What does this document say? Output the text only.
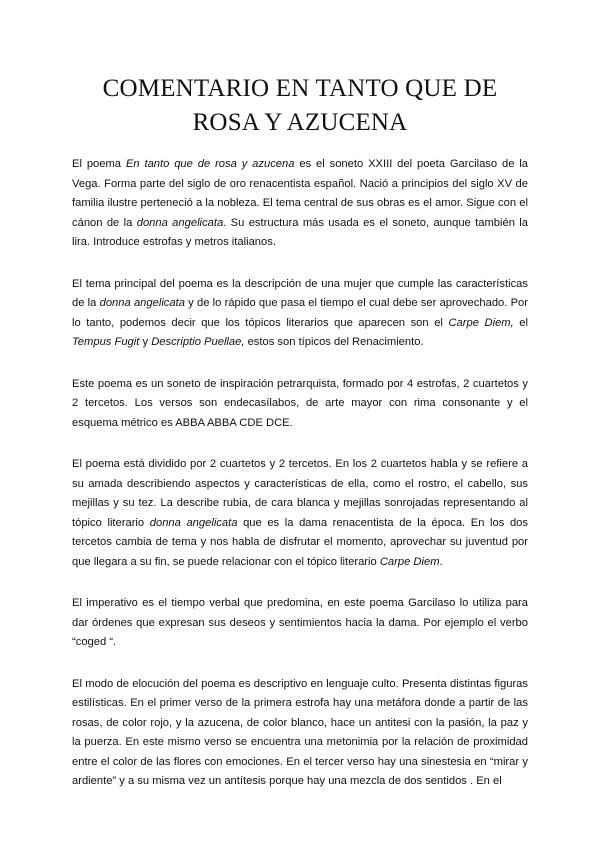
COMENTARIO EN TANTO QUE DE
ROSA Y AZUCENA

El poema En tanto que de rosa y azucena es el soneto XXIII del poeta Garcilaso de la Vega. Forma parte del siglo de oro renacentista español. Nació a principios del siglo XV de familia ilustre perteneció a la nobleza. El tema central de sus obras es el amor. Sigue con el cánon de la donna angelicata. Su estructura más usada es el soneto, aunque también la lira. Introduce estrofas y metros italianos.

El tema principal del poema es la descripción de una mujer que cumple las características de la donna angelicata y de lo rápido que pasa el tiempo el cual debe ser aprovechado. Por lo tanto, podemos decir que los tópicos literarios que aparecen son el Carpe Diem, el Tempus Fugit y Descriptio Puellae, estos son típicos del Renacimiento.

Este poema es un soneto de inspiración petrarquista, formado por 4 estrofas, 2 cuartetos y 2 tercetos. Los versos son endecasílabos, de arte mayor con rima consonante y el esquema métrico es ABBA ABBA CDE DCE.

El poema está dividido por 2 cuartetos y 2 tercetos. En los 2 cuartetos habla y se refiere a su amada describiendo aspectos y características de ella, como el rostro, el cabello, sus mejillas y su tez. La describe rubia, de cara blanca y mejillas sonrojadas representando al tópico literario donna angelicata que es la dama renacentista de la época. En los dos tercetos cambia de tema y nos habla de disfrutar el momento, aprovechar su juventud por que llegara a su fin, se puede relacionar con el tópico literario Carpe Diem.

El imperativo es el tiempo verbal que predomina, en este poema Garcilaso lo utiliza para dar órdenes que expresan sus deseos y sentimientos hacia la dama. Por ejemplo el verbo “coged “.

El modo de elocución del poema es descriptivo en lenguaje culto. Presenta distintas figuras estilísticas. En el primer verso de la primera estrofa hay una metáfora donde a partir de las rosas, de color rojo, y la azucena, de color blanco, hace un antitesi con la pasión, la paz y la puerza. En este mismo verso se encuentra una metonimia por la relación de proximidad entre el color de las flores con emociones. En el tercer verso hay una sinestesia en “mirar y ardiente” y a su misma vez un antítesis porque hay una mezcla de dos sentidos . En el
